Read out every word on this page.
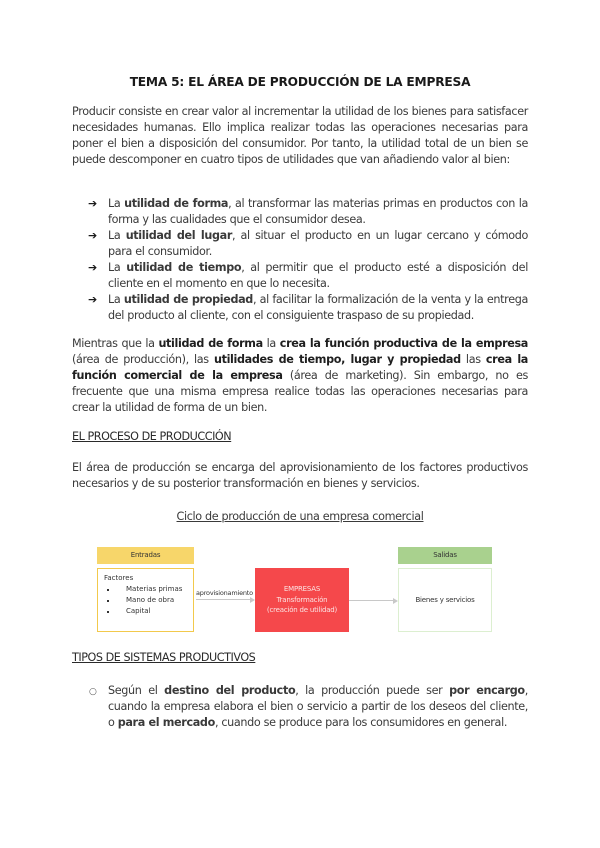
TEMA 5: EL ÁREA DE PRODUCCIÓN DE LA EMPRESA

Producir consiste en crear valor al incrementar la utilidad de los bienes para satisfacer necesidades humanas. Ello implica realizar todas las operaciones necesarias para poner el bien a disposición del consumidor. Por tanto, la utilidad total de un bien se puede descomponer en cuatro tipos de utilidades que van añadiendo valor al bien:

➔ La utilidad de forma, al transformar las materias primas en productos con la forma y las cualidades que el consumidor desea.
➔ La utilidad del lugar, al situar el producto en un lugar cercano y cómodo para el consumidor.
➔ La utilidad de tiempo, al permitir que el producto esté a disposición del cliente en el momento en que lo necesita.
➔ La utilidad de propiedad, al facilitar la formalización de la venta y la entrega del producto al cliente, con el consiguiente traspaso de su propiedad.

Mientras que la utilidad de forma la crea la función productiva de la empresa (área de producción), las utilidades de tiempo, lugar y propiedad las crea la función comercial de la empresa (área de marketing). Sin embargo, no es frecuente que una misma empresa realice todas las operaciones necesarias para crear la utilidad de forma de un bien.

EL PROCESO DE PRODUCCIÓN

El área de producción se encarga del aprovisionamiento de los factores productivos necesarios y de su posterior transformación en bienes y servicios.

Ciclo de producción de una empresa comercial
Entradas
Factores
Materias primas
Mano de obra
Capital
aprovisionamiento	EMPRESAS
Transformación
(creación de utilidad)
Salidas
Bienes y servicios
TIPOS DE SISTEMAS PRODUCTIVOS
○ Según el destino del producto, la producción puede ser por encargo, cuando la empresa elabora el bien o servicio a partir de los deseos del cliente, o para el mercado, cuando se produce para los consumidores en general.
